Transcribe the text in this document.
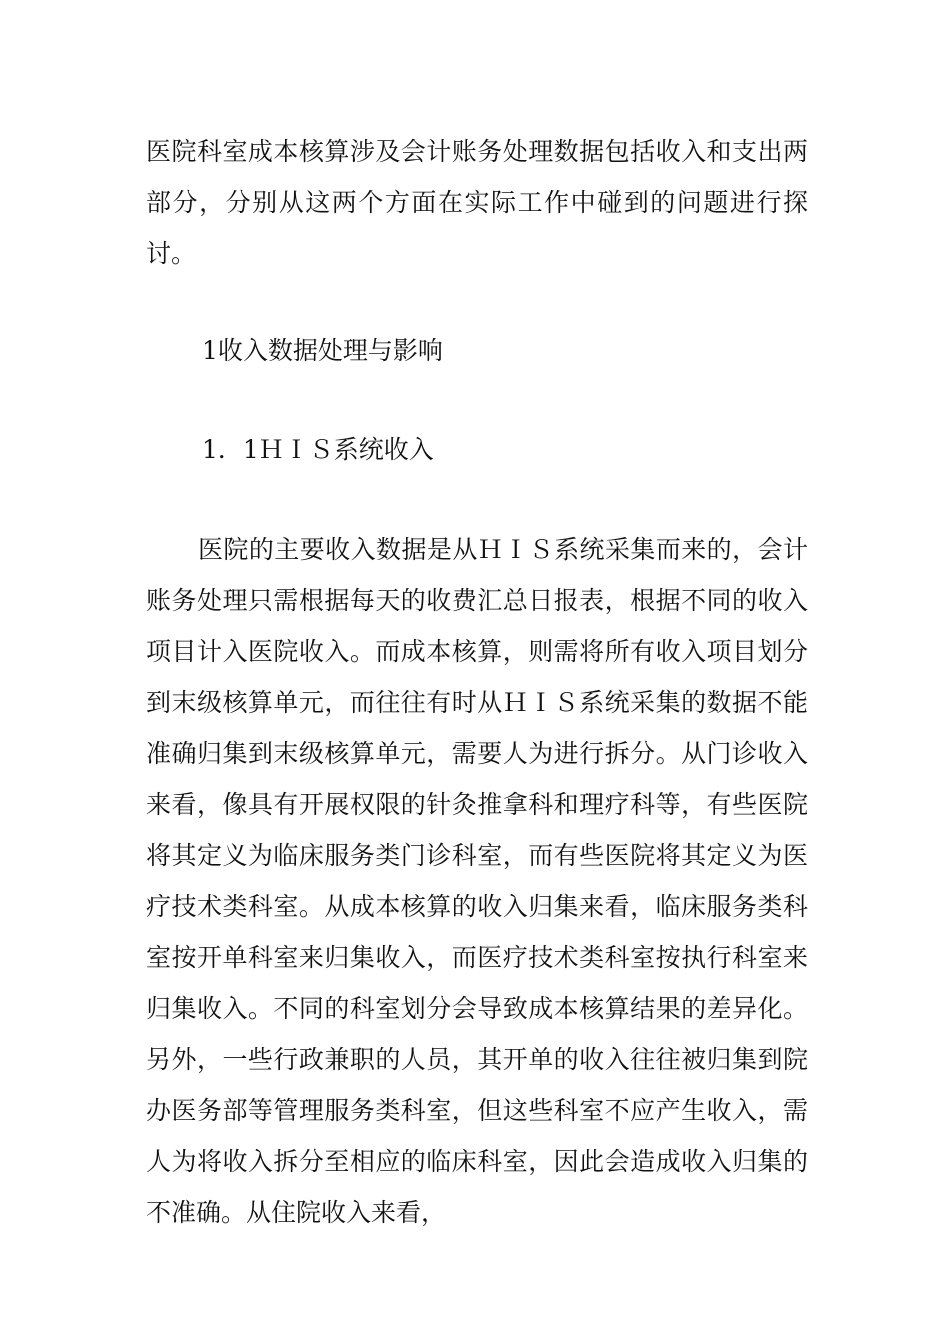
医院科室成本核算涉及会计账务处理数据包括收入和支出两部分，分别从这两个方面在实际工作中碰到的问题进行探讨。

1收入数据处理与影响

1．1ＨＩＳ系统收入

医院的主要收入数据是从ＨＩＳ系统采集而来的，会计账务处理只需根据每天的收费汇总日报表，根据不同的收入项目计入医院收入。而成本核算，则需将所有收入项目划分到末级核算单元，而往往有时从ＨＩＳ系统采集的数据不能准确归集到末级核算单元，需要人为进行拆分。从门诊收入来看，像具有开展权限的针灸推拿科和理疗科等，有些医院将其定义为临床服务类门诊科室，而有些医院将其定义为医疗技术类科室。从成本核算的收入归集来看，临床服务类科室按开单科室来归集收入，而医疗技术类科室按执行科室来归集收入。不同的科室划分会导致成本核算结果的差异化。另外，一些行政兼职的人员，其开单的收入往往被归集到院办医务部等管理服务类科室，但这些科室不应产生收入，需人为将收入拆分至相应的临床科室，因此会造成收入归集的不准确。从住院收入来看，
